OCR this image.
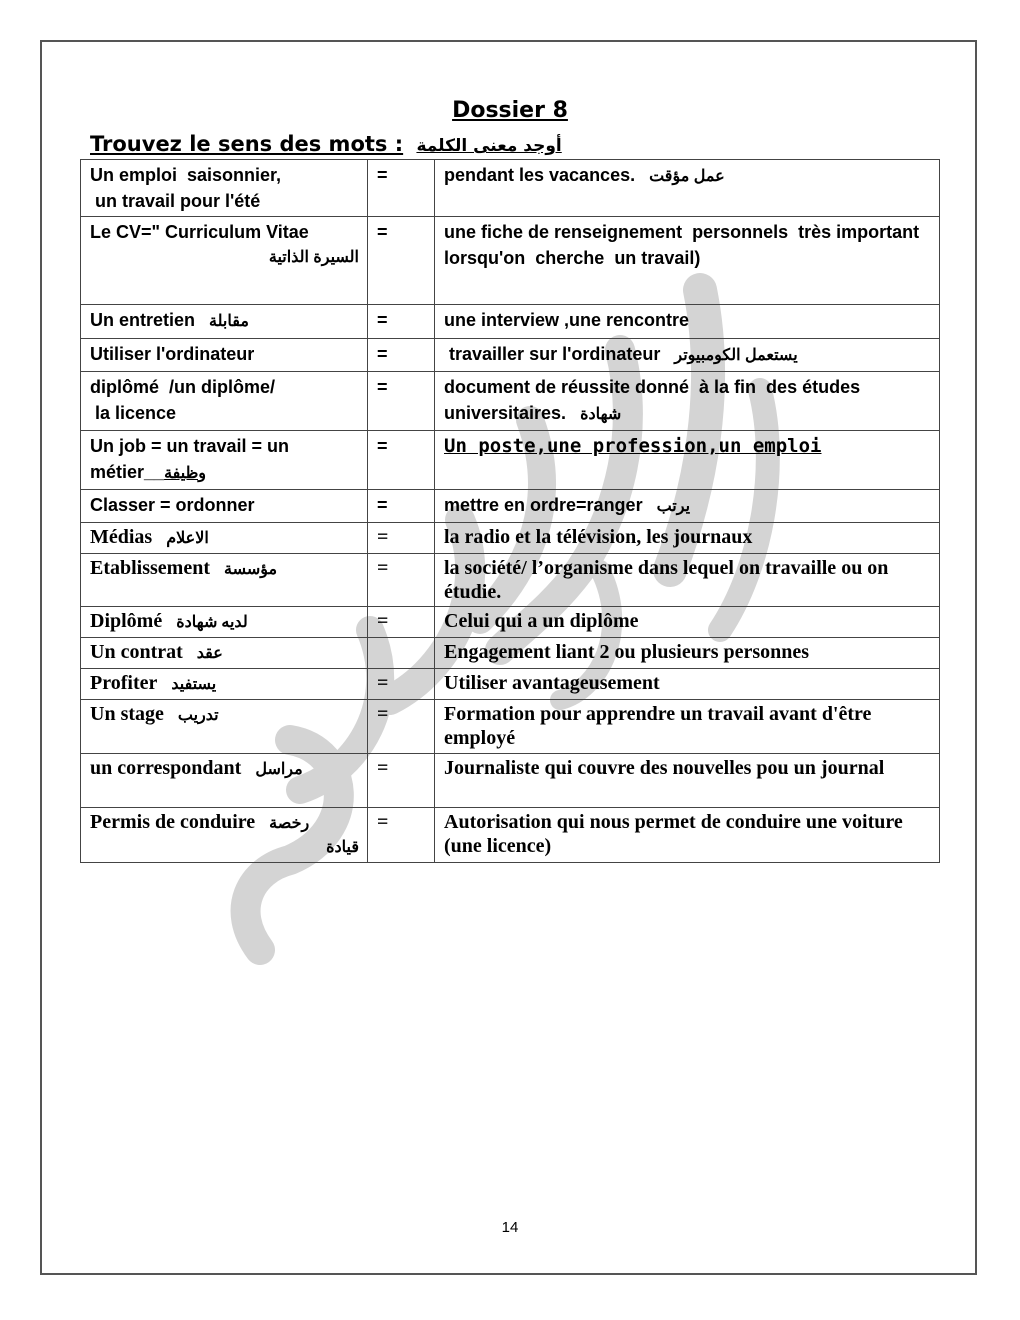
Dossier 8
Trouvez le sens des mots : أوجد معنى الكلمة
Un emploi  saisonnier,
un travail pour l'été	=	pendant les vacances. عمل مؤقت
Le CV=" Curriculum Vitae
السيرة الذاتية	=	une fiche de renseignement  personnels  très important  lorsqu'on  cherche  un travail)
Un entretien مقابلة	=	une interview ,une rencontre
Utiliser l'ordinateur	=	travailler sur l'ordinateur يستعمل الكومبيوتر
diplômé  /un diplôme/
la licence	=	document de réussite donné  à la fin  des études universitaires. شهادة
Un job = un travail = un
métier__وظيفة	=	Un poste,une profession,un emploi
Classer = ordonner	=	mettre en ordre=ranger يرتب
Médias الاعلام	=	la radio et la télévision, les journaux
Etablissement مؤسسة	=	la société/ l’organisme dans lequel on travaille ou on étudie.
Diplômé لديه شهادة	=	Celui qui a un diplôme
Un contrat عقد		Engagement liant 2 ou plusieurs personnes
Profiter يستفيد	=	Utiliser avantageusement
Un stage تدريب	=	Formation pour apprendre un travail avant d'être employé
un correspondant مراسل	=	Journaliste qui couvre des nouvelles pou un journal
Permis de conduire رخصة
قيادة	=	Autorisation qui nous permet de conduire une voiture (une licence)
14
